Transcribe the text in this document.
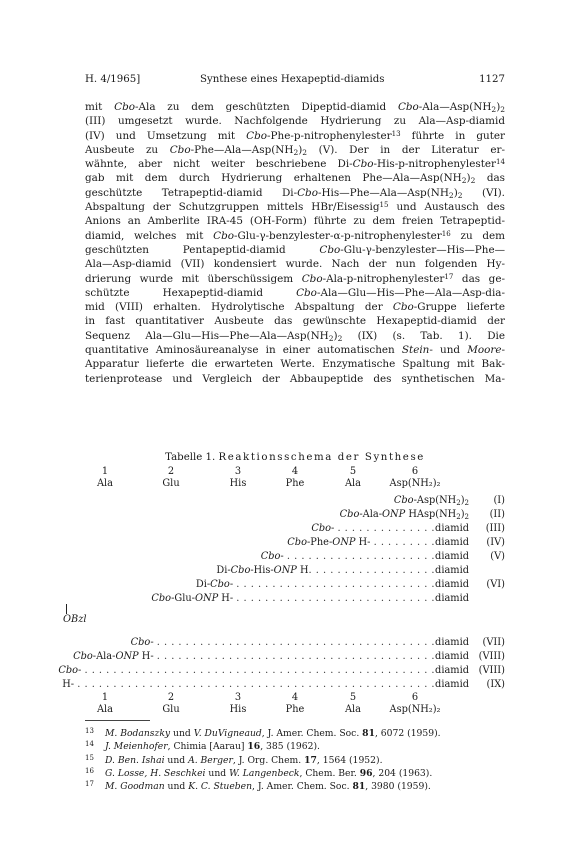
H. 4/1965]	Synthese eines Hexapeptid-diamids	1127
mit Cbo-Ala zu dem geschützten Dipeptid-diamid Cbo-$Ala—Asp(NH_2)_2$
(III) umgesetzt wurde. Nachfolgende Hydrierung zu Ala—Asp-diamid
(IV) und Umsetzung mit Cbo-Phe-p-nitrophenylester$^{13}$ führte in guter
Ausbeute zu Cbo-$Phe—Ala—Asp(NH_2)_2$ (V). Der in der Literatur er-
wähnte, aber nicht weiter beschriebene Di-Cbo-His-p-nitrophenylester$^{14}$
gab mit dem durch Hydrierung erhaltenen $Phe—Ala—Asp(NH_2)_2$ das
geschützte Tetrapeptid-diamid $Di-Cbo-His—Phe—Ala—Asp(NH_2)_2$ (VI).
Abspaltung der Schutzgruppen mittels HBr/Eisessig$^{15}$ und Austausch des
Anions an Amberlite IRA-45 (OH-Form) führte zu dem freien Tetrapeptid-
diamid, welches mit Cbo-Glu-γ-benzylester-α-p-nitrophenylester$^{16}$ zu dem
geschützten Pentapeptid-diamid Cbo-Glu-γ-benzylester—His—Phe—
Ala—Asp-diamid (VII) kondensiert wurde. Nach der nun folgenden Hy-
drierung wurde mit überschüssigem Cbo-Ala-p-nitrophenylester$^{17}$ das ge-
schützte Hexapeptid-diamid Cbo-Ala—Glu—His—Phe—Ala—Asp-dia-
mid (VIII) erhalten. Hydrolytische Abspaltung der Cbo-Gruppe lieferte
in fast quantitativer Ausbeute das gewünschte Hexapeptid-diamid der
Sequenz $Ala—Glu—His—Phe—Ala—Asp(NH_2)_2$ (IX) (s. Tab. 1). Die
quantitative Aminosäureanalyse in einer automatischen Stein- und Moore-
Apparatur lieferte die erwarteten Werte. Enzymatische Spaltung mit Bak-
terienprotease und Vergleich der Abbaupeptide des synthetischen Ma-
Tabelle 1. Reaktionsschema der Synthese
1
Ala
2
Glu
3
His
4
Phe
5
Ala
6
Asp(NH₂)₂
Cbo-$Asp(NH_2)_2$ (I)
Cbo-Ala-ONP $HAsp(NH_2)_2$ (II)
Cbo- . . . . . . . . . . . . . .diamid (III)
Cbo-Phe-ONP H- . . . . . . . . .diamid (IV)
Cbo- . . . . . . . . . . . . . . . . . . . . .diamid (V)
Di-Cbo-His-ONP H. . . . . . . . . . . . . . . . . .diamid
Di-Cbo- . . . . . . . . . . . . . . . . . . . . . . . . . . . .diamid (VI)
Cbo-Glu-ONP H- . . . . . . . . . . . . . . . . . . . . . . . . . . . .diamid
Cbo- . . . . . . . . . . . . . . . . . . . . . . . . . . . . . . . . . . . . . . .diamid (VII)
Cbo-Ala-ONP H- . . . . . . . . . . . . . . . . . . . . . . . . . . . . . . . . . . . . . . .diamid (VIII)
Cbo- . . . . . . . . . . . . . . . . . . . . . . . . . . . . . . . . . . . . . . . . . . . . . . . . .diamid (VIII)
H- . . . . . . . . . . . . . . . . . . . . . . . . . . . . . . . . . . . . . . . . . . . . . . . . . .diamid (IX)
1
Ala
2
Glu
3
His
4
Phe
5
Ala
6
Asp(NH₂)₂
OBzl
13 M. Bodanszky und V. DuVigneaud, J. Amer. Chem. Soc. 81, 6072 (1959).
14 J. Meienhofer, Chimia [Aarau] 16, 385 (1962).
15 D. Ben. Ishai und A. Berger, J. Org. Chem. 17, 1564 (1952).
16 G. Losse, H. Seschkei und W. Langenbeck, Chem. Ber. 96, 204 (1963).
17 M. Goodman und K. C. Stueben, J. Amer. Chem. Soc. 81, 3980 (1959).
